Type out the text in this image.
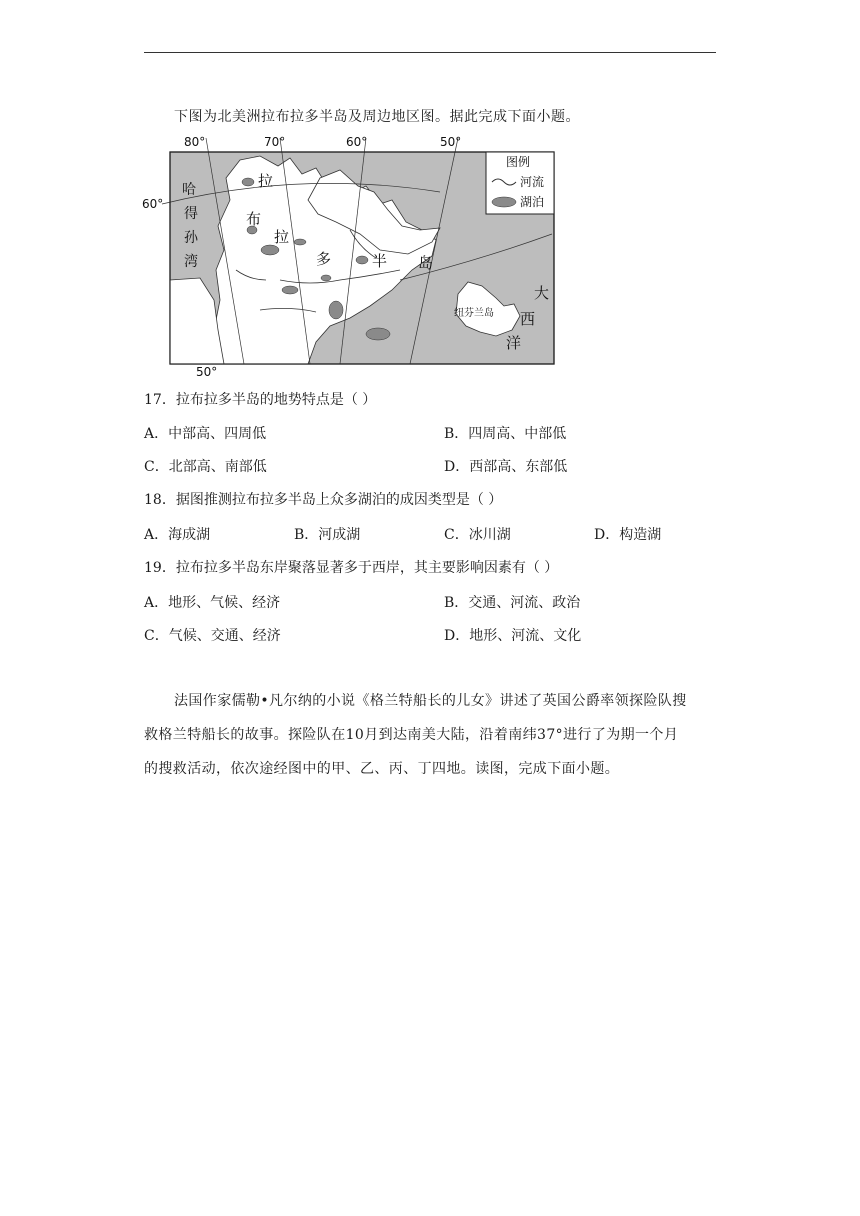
下图为北美洲拉布拉多半岛及周边地区图。据此完成下面小题。
图例
河流
湖泊
80°	70°	60°	50°
60°
50°
哈
得
孙
湾
拉
布
拉
多	半 岛
大
西
洋
纽芬兰岛
17．拉布拉多半岛的地势特点是（ ）
A．中部高、四周低	B．四周高、中部低
C．北部高、南部低	D．西部高、东部低
18．据图推测拉布拉多半岛上众多湖泊的成因类型是（ ）
A．海成湖	B．河成湖	C．冰川湖	D．构造湖
19．拉布拉多半岛东岸聚落显著多于西岸，其主要影响因素有（ ）
A．地形、气候、经济	B．交通、河流、政治
C．气候、交通、经济	D．地形、河流、文化
法国作家儒勒•凡尔纳的小说《格兰特船长的儿女》讲述了英国公爵率领探险队搜
救格兰特船长的故事。探险队在10月到达南美大陆，沿着南纬37°进行了为期一个月
的搜救活动，依次途经图中的甲、乙、丙、丁四地。读图，完成下面小题。
